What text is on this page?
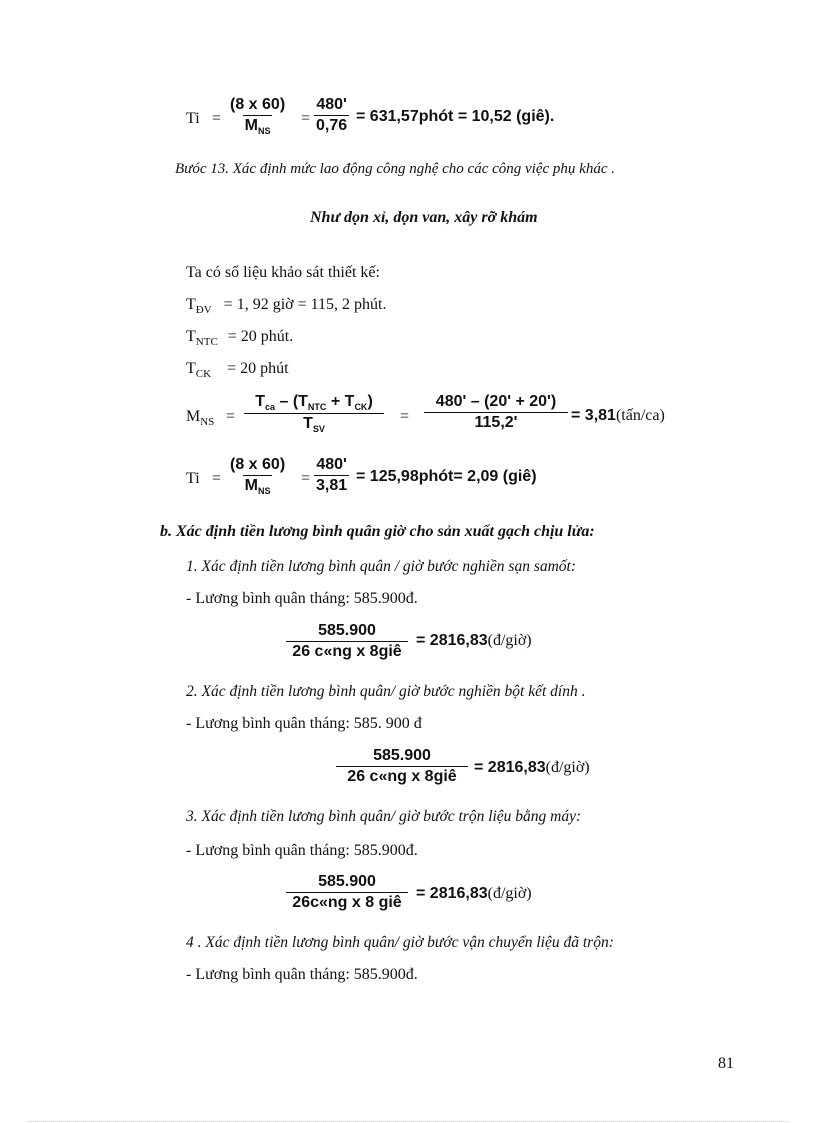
Ti =
(8 x 60)
$M_{NS}$
= $\frac{480'}{0,76}$ = 631,57phót = 10,52 (giê).
Bưóc 13. Xác định mức lao động công nghệ cho các công việc phụ khác .
Như dọn xỉ, dọn van, xây rỡ khám
Ta có số liệu khảo sát thiết kế:
$T_{ĐV} = 1$, 92 giờ = 115, 2 phút.
$T_{NTC} = 20$ phút.
$T_{CK} = 20$ phút
$M_{NS}$ =
$T_{ca} - (T_{NTC} + T_{CK})$
$T_{SV}$
= $\frac{480' - (20' + 20')}{115,2'}$ = 3,81(tấn/ca)
Ti =
(8 x 60)
$M_{NS}$
= $\frac{480'}{3,81}$ = 125,98phót= 2,09 (giê)
b. Xác định tiền lương bình quân giờ cho sản xuất gạch chịu lửa:
1. Xác định tiền lương bình quân / giờ bước nghiền sạn samốt:
- Lương bình quân tháng: 585.900đ.
585.900
26 c«ng x 8giê
= 2816,83(đ/giờ)
2. Xác định tiền lương bình quân/ giờ bước nghiền bột kết dính .
- Lương bình quân tháng: 585. 900 đ
585.900
26 c«ng x 8giê
= 2816,83(đ/giờ)
3. Xác định tiền lương bình quân/ giờ bước trộn liệu bằng máy:
- Lương bình quân tháng: 585.900đ.
585.900
26c«ng x 8 giê
= 2816,83(đ/giờ)
4 . Xác định tiền lương bình quân/ giờ bước vận chuyển liệu đã trộn:
- Lương bình quân tháng: 585.900đ.
81
